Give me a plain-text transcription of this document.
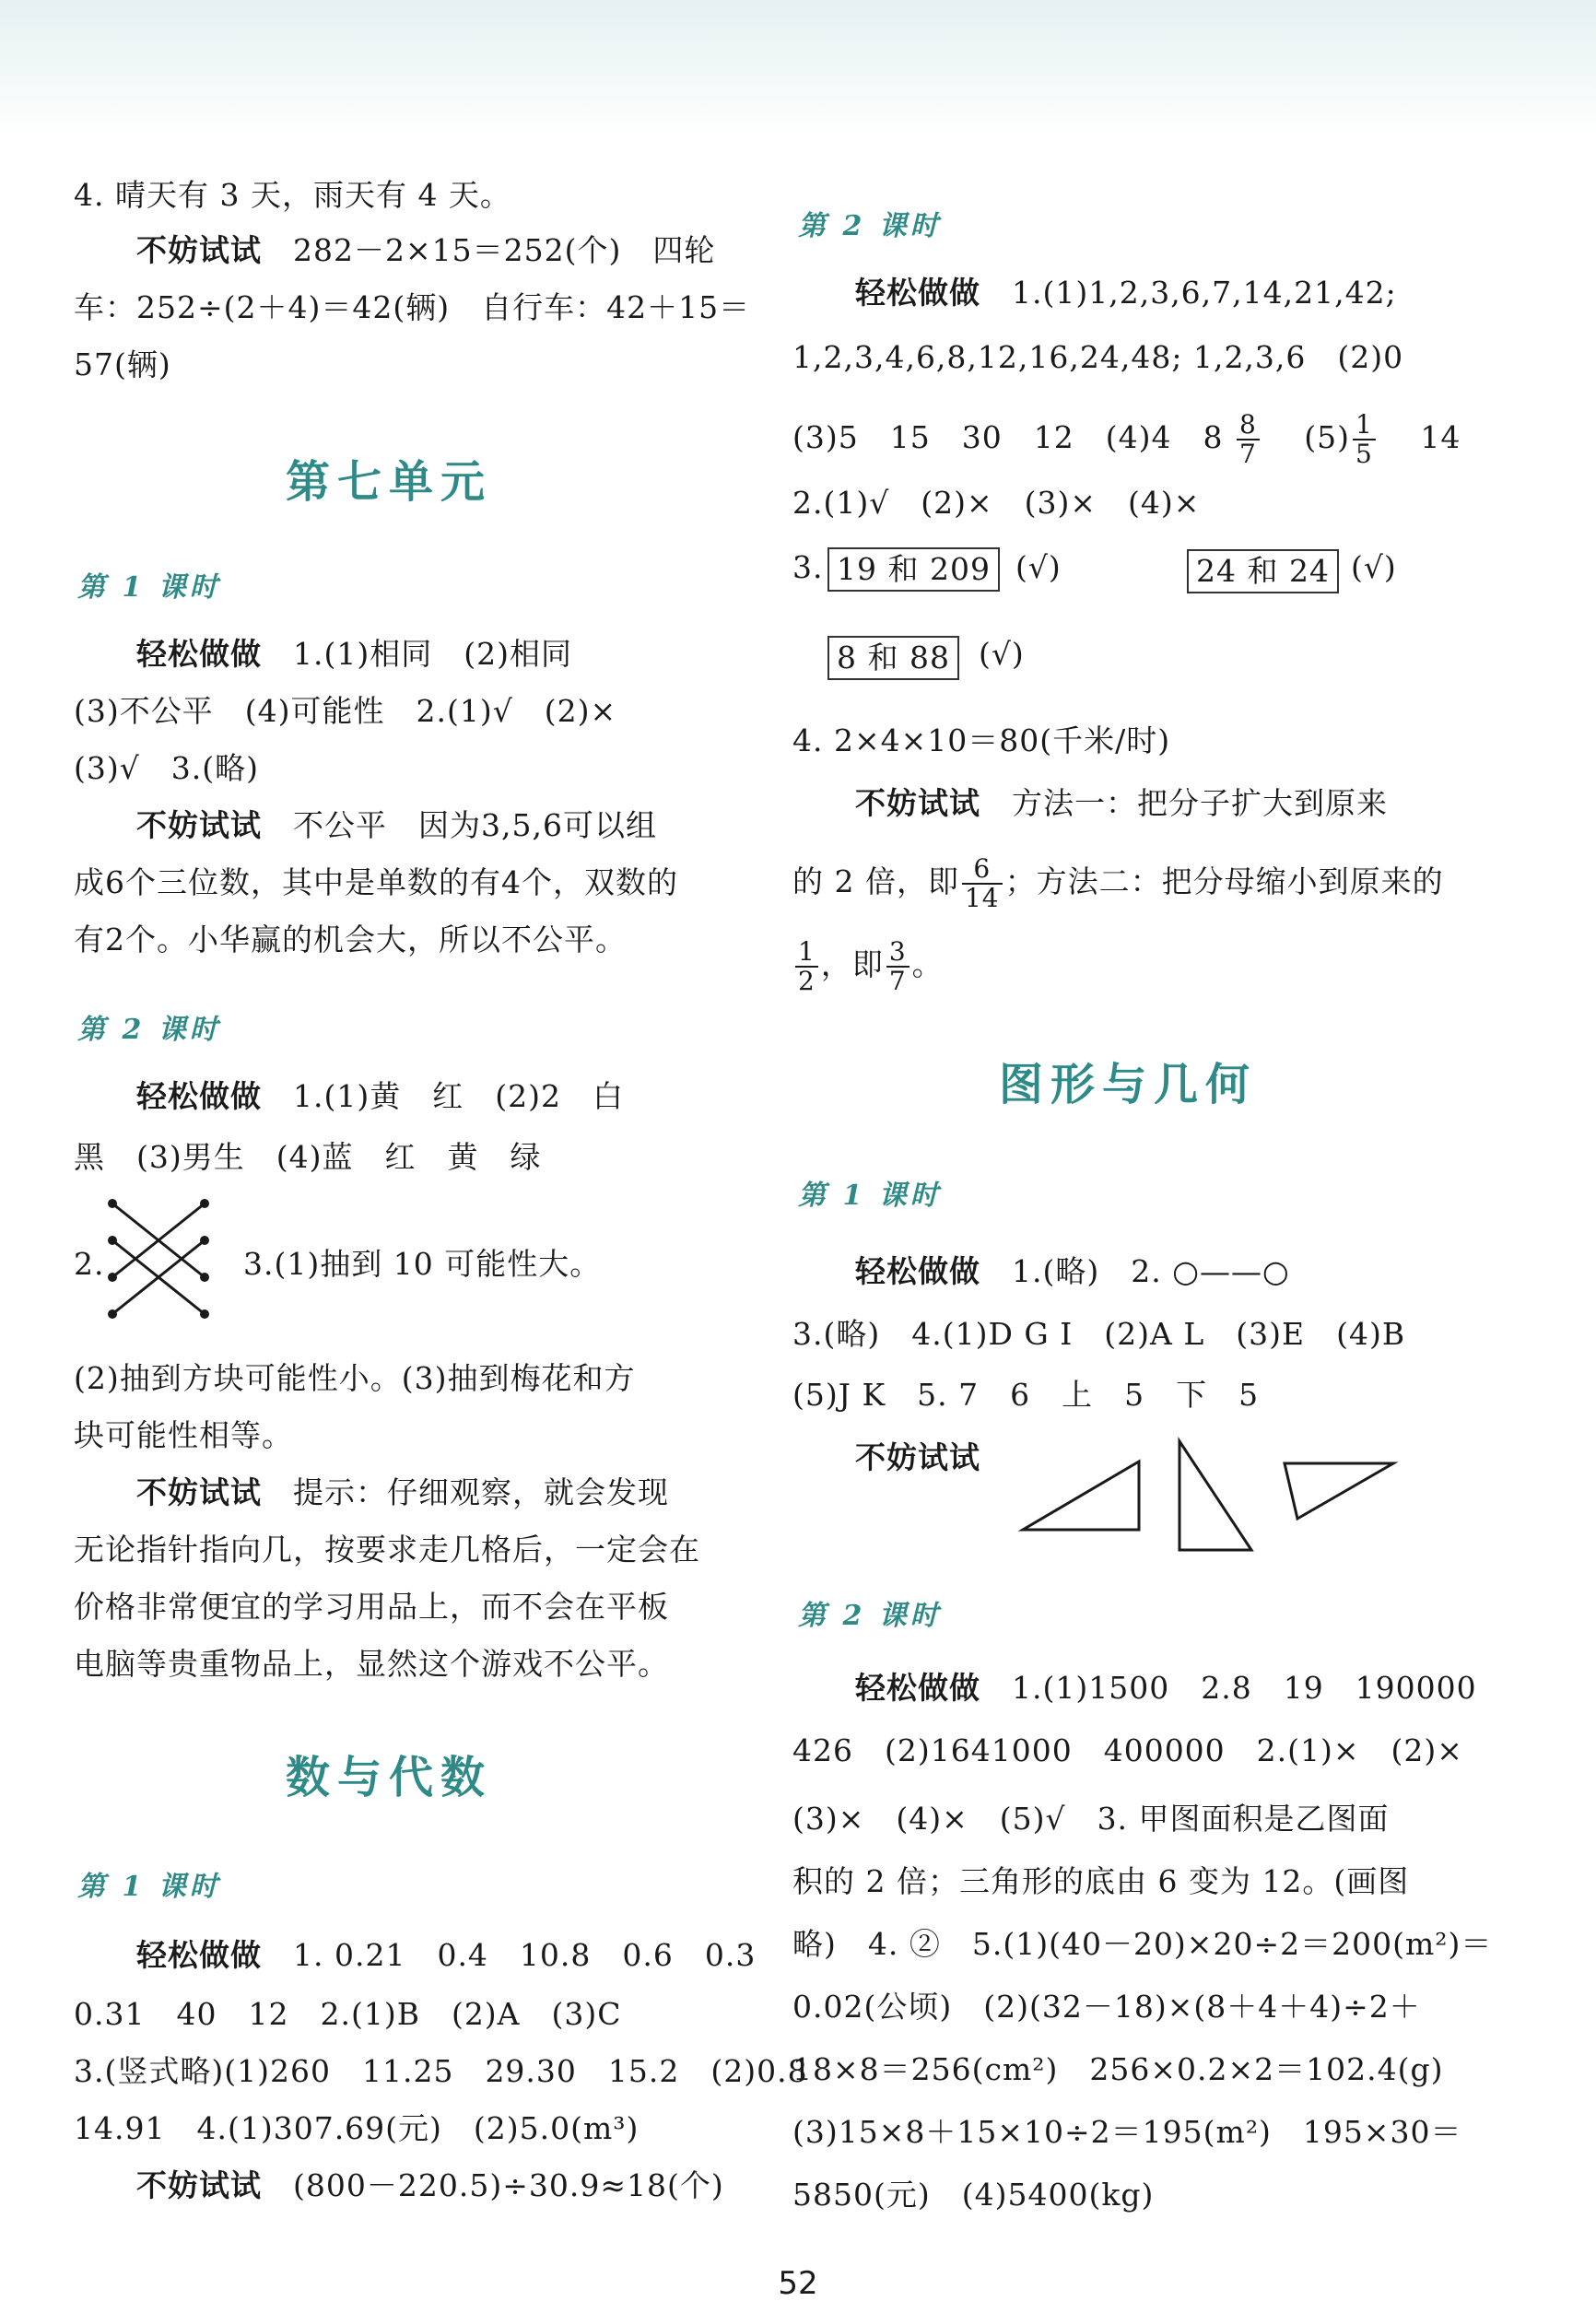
4. 晴天有 3 天，雨天有 4 天。
不妨试试　 282－2×15＝252(个)　四轮
车：252÷(2＋4)＝42(辆)　自行车：42＋15＝
57(辆)
第七单元
第 1 课时
轻松做做　 1.(1)相同　(2)相同
(3)不公平　(4)可能性　2.(1)√　(2)×
(3)√　3.(略)
不妨试试　 不公平　因为3,5,6可以组
成6个三位数，其中是单数的有4个，双数的
有2个。小华赢的机会大，所以不公平。
第 2 课时
轻松做做　 1.(1)黄　红　(2)2　白
黑　(3)男生　(4)蓝　红　黄　绿
2.	3.(1)抽到 10 可能性大。
(2)抽到方块可能性小。(3)抽到梅花和方
块可能性相等。
不妨试试　 提示：仔细观察，就会发现
无论指针指向几，按要求走几格后，一定会在
价格非常便宜的学习用品上，而不会在平板
电脑等贵重物品上，显然这个游戏不公平。
数与代数
第 1 课时
轻松做做　 1. 0.21　0.4　10.8　0.6　0.3
0.31　40　12　2.(1)B　(2)A　(3)C
3.(竖式略)(1)260　11.25　29.30　15.2　(2)0.8
14.91　4.(1)307.69(元)　(2)5.0(m³)
不妨试试　 (800－220.5)÷30.9≈18(个)
第 2 课时
轻松做做　 1.(1)1,2,3,6,7,14,21,42;
1,2,3,4,6,8,12,16,24,48; 1,2,3,6　(2)0
(3)5　15　30　12　(4)4　$8 \frac{8}{7}$
　 $(5) \frac{1}{5}$
　 14
2.(1)√　(2)×　(3)×　(4)×
3. 19 和 209 (√)	24 和 24 (√)
8 和 88 (√)
4. 2×4×10＝80(千米/时)
不妨试试　 方法一：把分子扩大到原来
的 2 倍，即 $\frac{6}{14}$ ；方法二：把分母缩小到原来的
$\frac{1}{2}$ ，即 $\frac{3}{7}$ 。
图形与几何
第 1 课时
轻松做做　 1.(略)　2. ○——○
3.(略)　4.(1)D G I　(2)A L　(3)E　(4)B
(5)J K　5. 7　6　上　5　下　5
不妨试试
第 2 课时
轻松做做　 1.(1)1500　2.8　19　190000
426　(2)1641000　400000　2.(1)×　(2)×
(3)×　(4)×　(5)√　3. 甲图面积是乙图面
积的 2 倍；三角形的底由 6 变为 12。(画图
略)　4. ②　5.(1)(40－20)×20÷2＝200(m²)＝
0.02(公顷)　(2)(32－18)×(8＋4＋4)÷2＋
18×8＝256(cm²)　256×0.2×2＝102.4(g)
(3)15×8＋15×10÷2＝195(m²)　195×30＝
5850(元)　(4)5400(kg)
52
